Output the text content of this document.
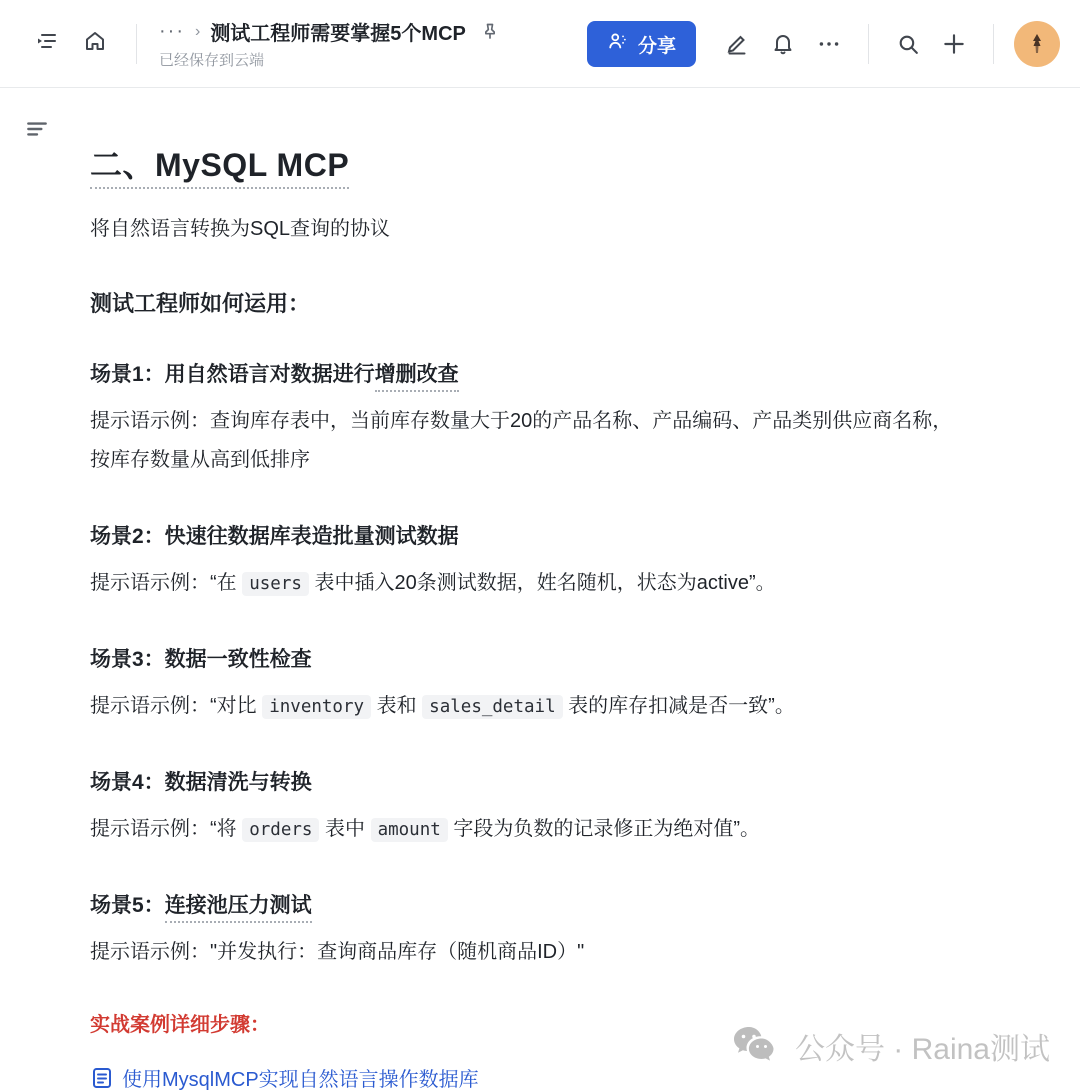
··· › 测试工程师需要掌握5个MCP
已经保存到云端
分享
二、MySQL MCP

将自然语言转换为SQL查询的协议

测试工程师如何运用：
场景1：用自然语言对数据进行增删改查

提示语示例：查询库存表中，当前库存数量大于20的产品名称、产品编码、产品类别供应商名称，按库存数量从高到低排序

场景2：快速往数据库表造批量测试数据

提示语示例：“在 users 表中插入20条测试数据，姓名随机，状态为active”。

场景3：数据一致性检查

提示语示例：“对比 inventory 表和 sales_detail 表的库存扣减是否一致”。

场景4：数据清洗与转换

提示语示例：“将 orders 表中 amount 字段为负数的记录修正为绝对值”。

场景5：连接池压力测试

提示语示例："并发执行：查询商品库存（随机商品ID）"

实战案例详细步骤：

使用MysqlMCP实现自然语言操作数据库
公众号 · Raina测试
